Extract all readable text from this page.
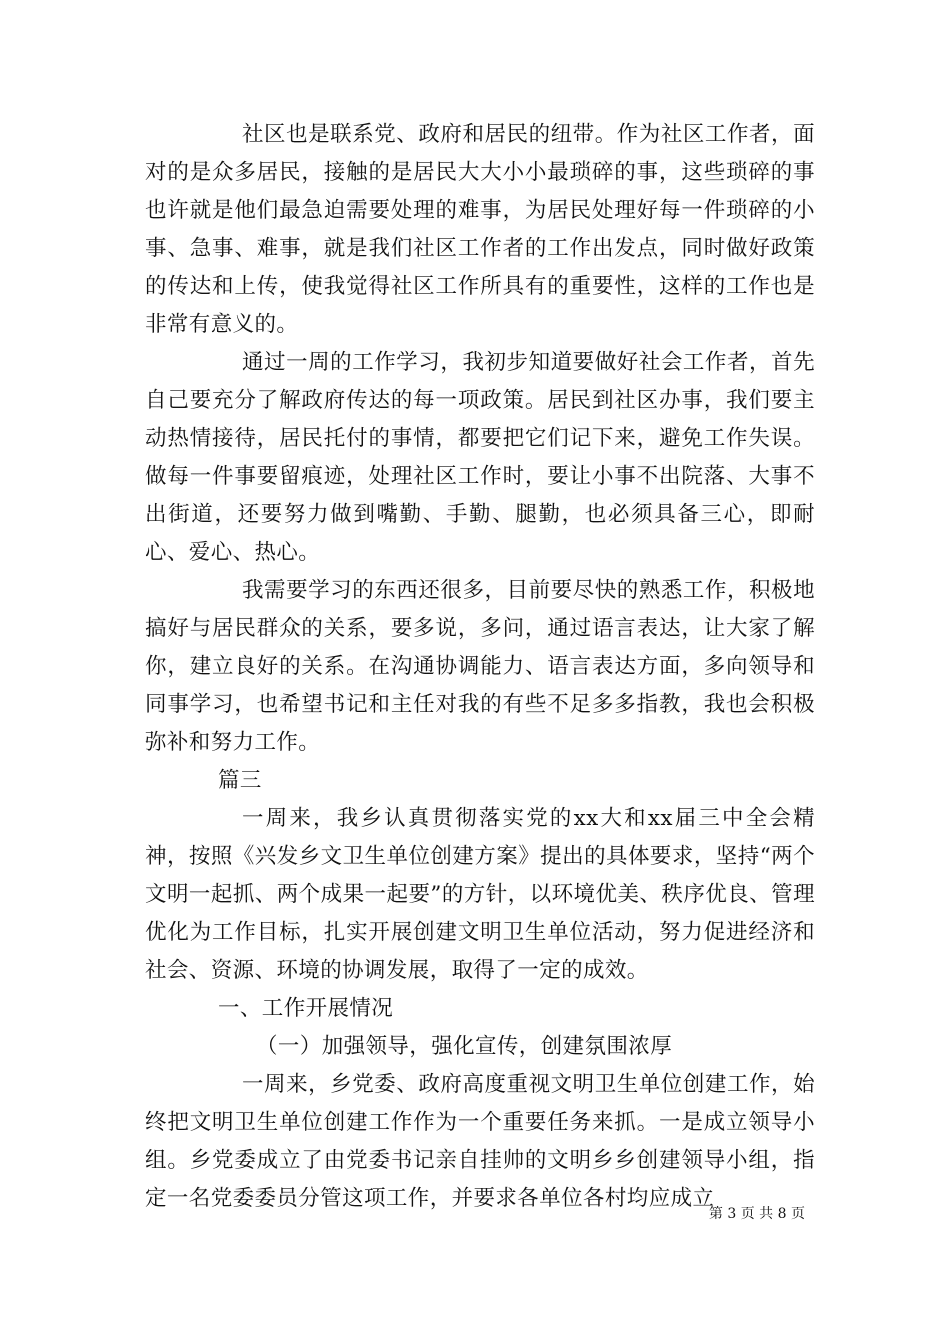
社区也是联系党、政府和居民的纽带。作为社区工作者，面对的是众多居民，接触的是居民大大小小最琐碎的事，这些琐碎的事也许就是他们最急迫需要处理的难事，为居民处理好每一件琐碎的小事、急事、难事，就是我们社区工作者的工作出发点，同时做好政策的传达和上传，使我觉得社区工作所具有的重要性，这样的工作也是非常有意义的。

通过一周的工作学习，我初步知道要做好社会工作者，首先自己要充分了解政府传达的每一项政策。居民到社区办事，我们要主动热情接待，居民托付的事情，都要把它们记下来，避免工作失误。做每一件事要留痕迹，处理社区工作时，要让小事不出院落、大事不出街道，还要努力做到嘴勤、手勤、腿勤，也必须具备三心，即耐心、爱心、热心。

我需要学习的东西还很多，目前要尽快的熟悉工作，积极地搞好与居民群众的关系，要多说，多问，通过语言表达，让大家了解你，建立良好的关系。在沟通协调能力、语言表达方面，多向领导和同事学习，也希望书记和主任对我的有些不足多多指教，我也会积极弥补和努力工作。

篇三

一周来，我乡认真贯彻落实党的xx大和xx届三中全会精神，按照《兴发乡文卫生单位创建方案》提出的具体要求，坚持“两个文明一起抓、两个成果一起要”的方针，以环境优美、秩序优良、管理优化为工作目标，扎实开展创建文明卫生单位活动，努力促进经济和社会、资源、环境的协调发展，取得了一定的成效。

一、工作开展情况

（一）加强领导，强化宣传，创建氛围浓厚

一周来，乡党委、政府高度重视文明卫生单位创建工作，始终把文明卫生单位创建工作作为一个重要任务来抓。一是成立领导小组。乡党委成立了由党委书记亲自挂帅的文明乡乡创建领导小组，指定一名党委委员分管这项工作，并要求各单位各村均应成立

第 3 页 共 8 页
